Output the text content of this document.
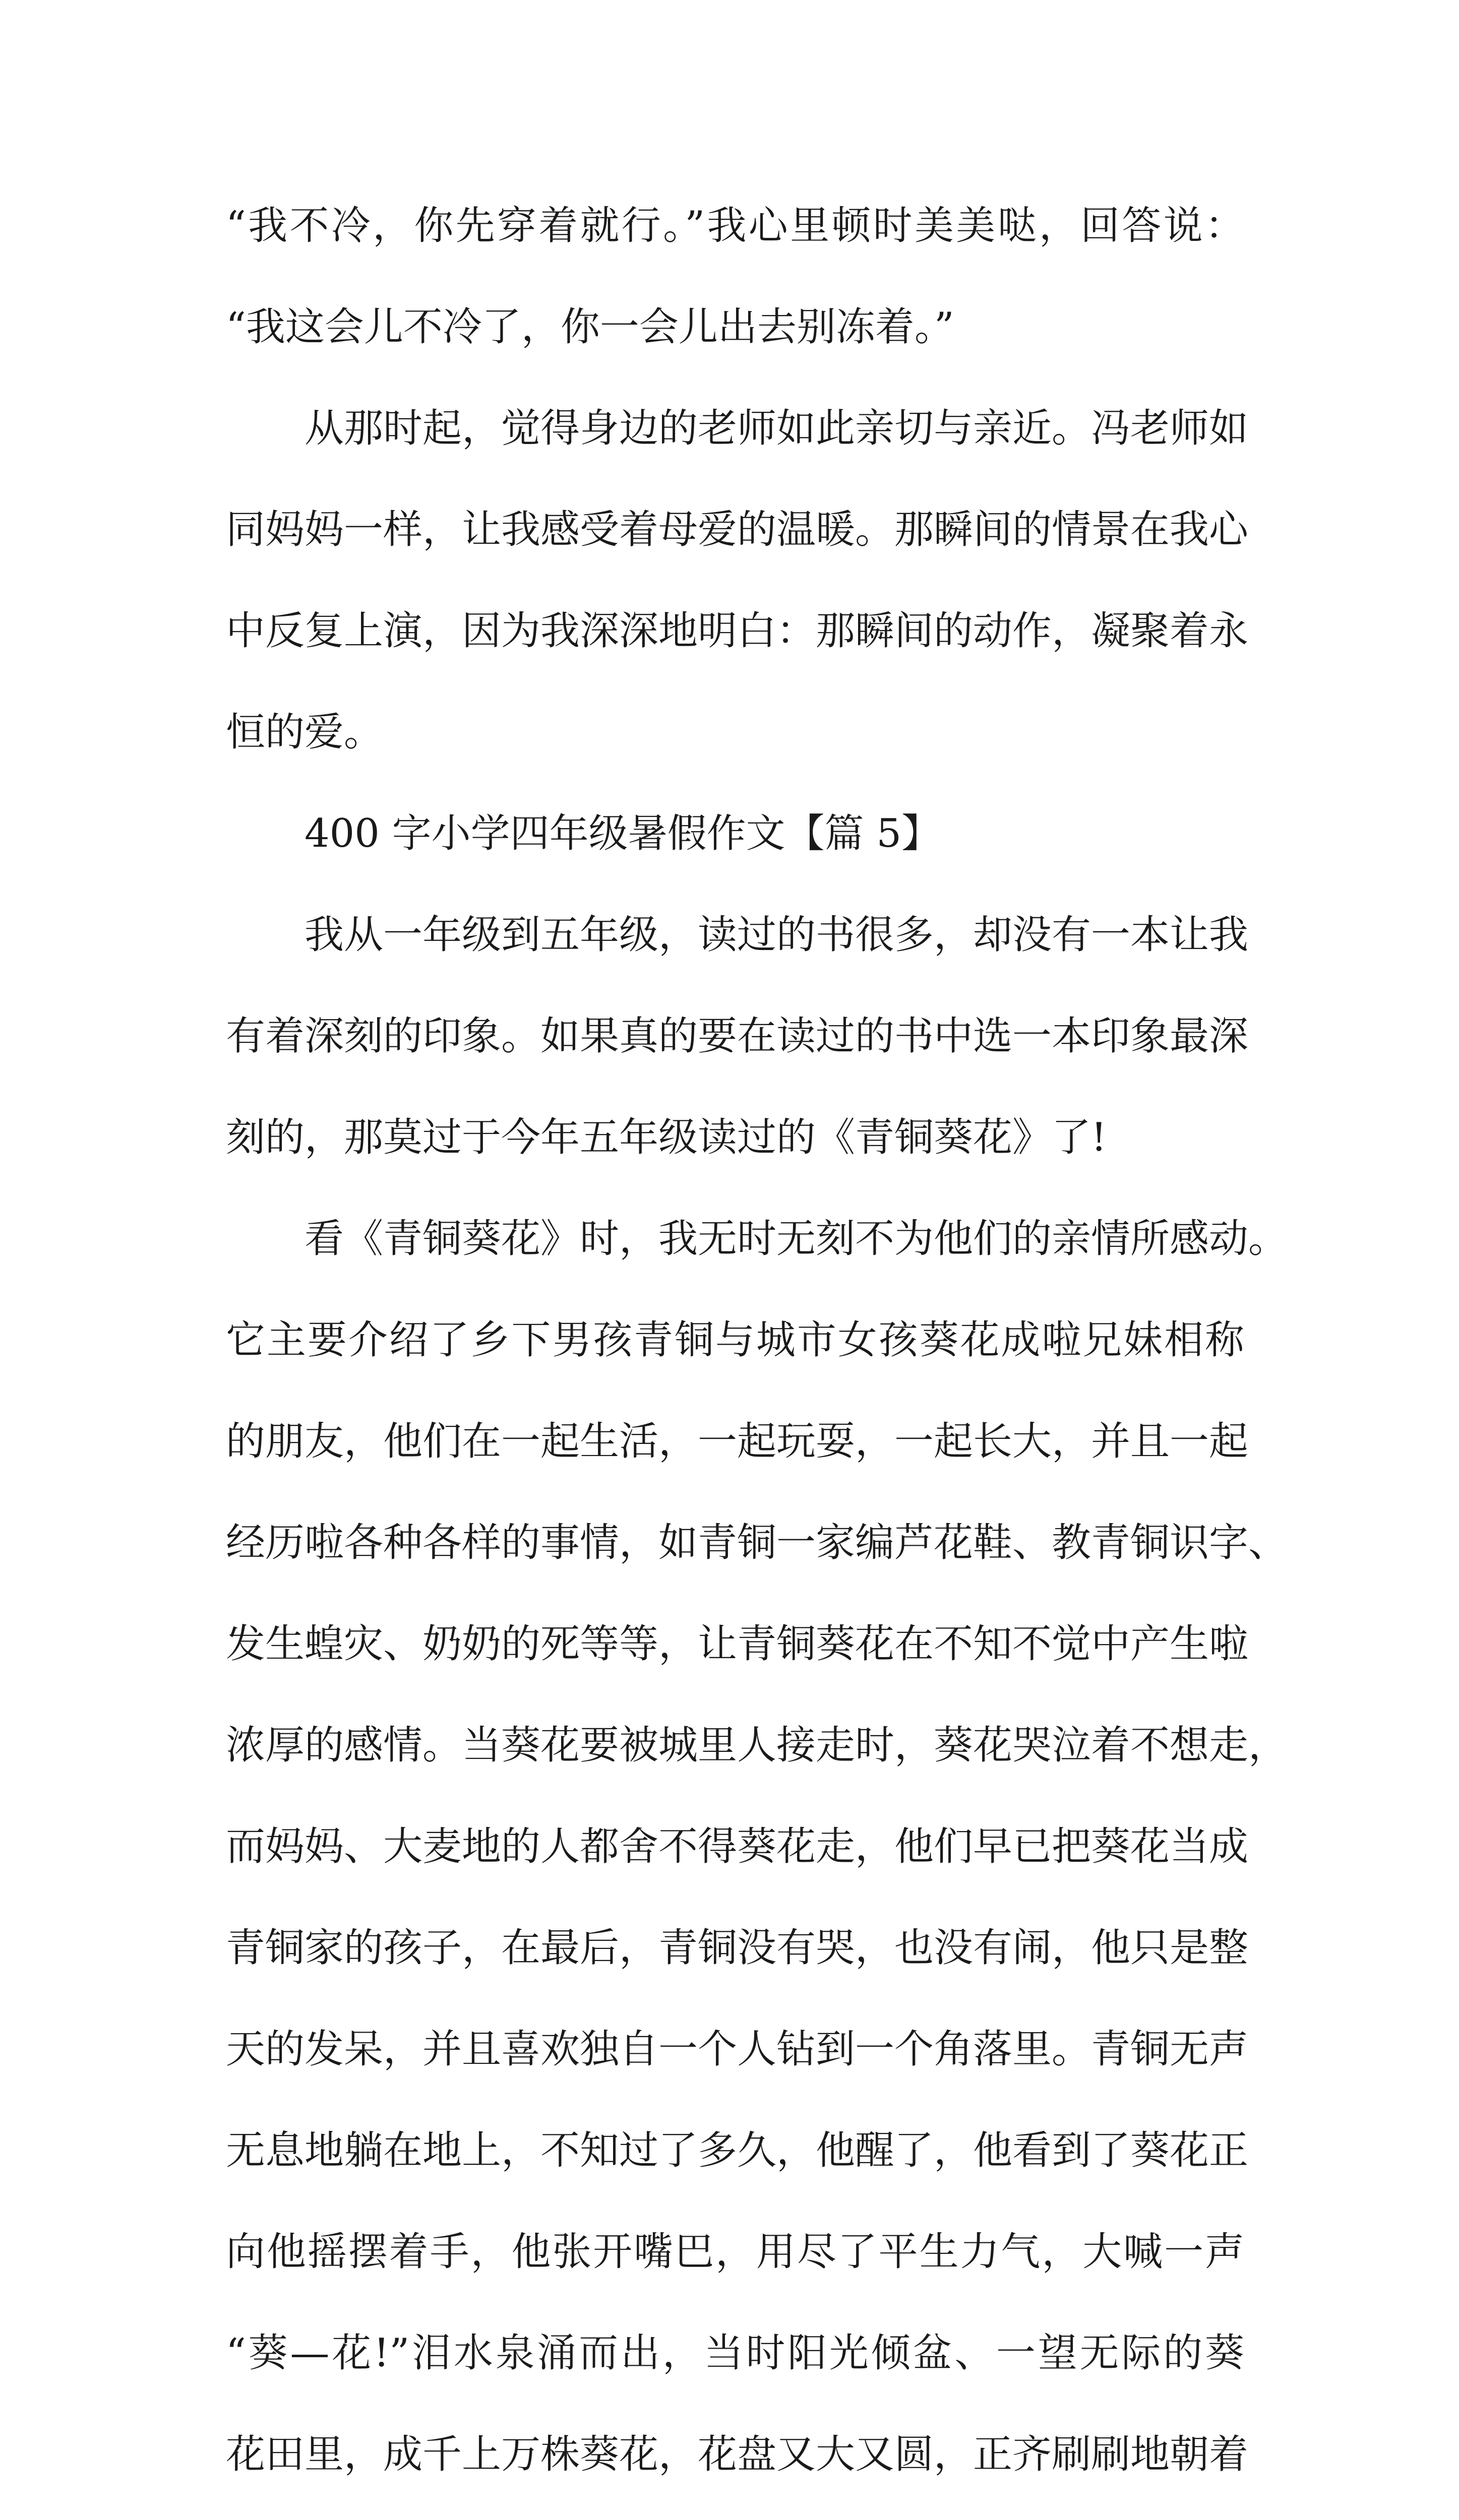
“我不冷，你先穿着就行。”我心里顿时美美哒，回答说：
“我这会儿不冷了，你一会儿出去别冻着。”
从那时起，觉得身边的老师如此亲切与亲近。冯老师如
同妈妈一样，让我感受着母爱的温暖。那瞬间的情景在我心
中反复上演，因为我深深地明白：那瞬间的动作，凝聚着永
恒的爱。
400 字小学四年级暑假作文【篇 5】
我从一年级到五年级，读过的书很多，却没有一本让我
有着深刻的印象。如果真的要在读过的书中选一本印象最深
刻的，那莫过于今年五年级读过的《青铜葵花》了!
看《青铜葵花》时，我无时无刻不为他们的亲情所感动。
它主要介绍了乡下男孩青铜与城市女孩葵花成啦兄妹相称
的朋友，他们在一起生活，一起玩耍，一起长大，并且一起
经历啦各种各样的事情，如青铜一家编芦花鞋、教青铜识字、
发生蝗灾、奶奶的死等等，让青铜葵花在不知不觉中产生啦
浓厚的感情。当葵花要被城里人接走时，葵花哭泣着不想走，
而妈妈、大麦地的人都舍不得葵花走，他们早已把葵花当成
青铜家的孩子，在最后，青铜没有哭，也没有闹，他只是整
天的发呆，并且喜欢独自一个人钻到一个角落里。青铜无声
无息地躺在地上，不知过了多久，他醒了，他看到了葵花正
向他摇摆着手，他张开嘴巴，用尽了平生力气，大喊一声
“葵—花!”泪水泉涌而出，当时阳光倾盆、一望无际的葵
花田里，成千上万株葵花，花盘又大又圆，正齐刷刷地朝着
